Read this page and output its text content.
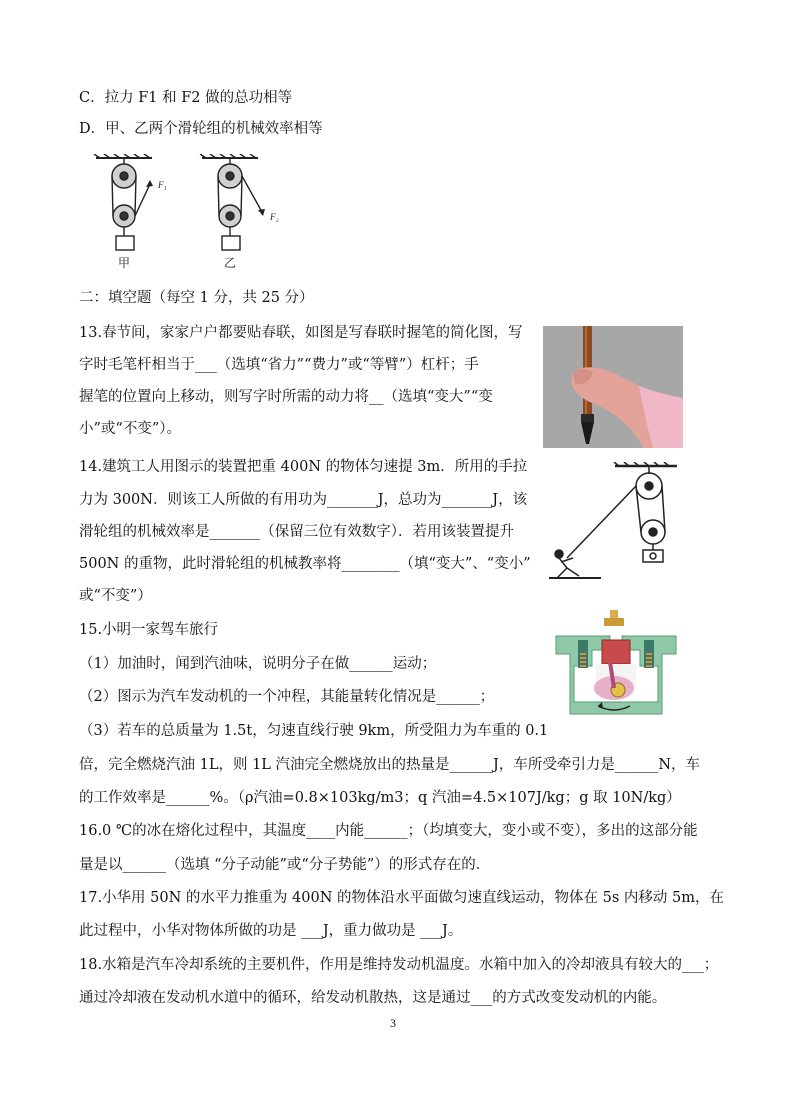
C．拉力 F1 和 F2 做的总功相等
D．甲、乙两个滑轮组的机械效率相等
F₁
甲
F₂
乙
二：填空题（每空 1 分，共 25 分）
13.春节间，家家户户都要贴春联，如图是写春联时握笔的简化图，写
字时毛笔杆相当于___（选填“省力”“费力”或“等臂”）杠杆；手
握笔的位置向上移动，则写字时所需的动力将__（选填“变大”“变
小”或“不变”）。
14.建筑工人用图示的装置把重 400N 的物体匀速提 3m．所用的手拉
力为 300N．则该工人所做的有用功为_______J，总功为_______J，该
滑轮组的机械效率是_______（保留三位有效数字）．若用该装置提升
500N 的重物，此时滑轮组的机械教率将________（填“变大”、“变小”
或“不变”）
15.小明一家驾车旅行
（1）加油时，闻到汽油味，说明分子在做______运动；
（2）图示为汽车发动机的一个冲程，其能量转化情况是______；
（3）若车的总质量为 1.5t，匀速直线行驶 9km，所受阻力为车重的 0.1
倍，完全燃烧汽油 1L，则 1L 汽油完全燃烧放出的热量是______J，车所受牵引力是______N，车
的工作效率是______%。（ρ汽油=0.8×103kg/m3；q 汽油=4.5×107J/kg；g 取 10N/kg）
16.0 ℃的冰在熔化过程中，其温度____内能______；（均填变大，变小或不变），多出的这部分能
量是以______（选填 “分子动能”或“分子势能”）的形式存在的．
17.小华用 50N 的水平力推重为 400N 的物体沿水平面做匀速直线运动，物体在 5s 内移动 5m，在
此过程中，小华对物体所做的功是 ___J，重力做功是 ___J。
18.水箱是汽车冷却系统的主要机件，作用是维持发动机温度。水箱中加入的冷却液具有较大的___；
通过冷却液在发动机水道中的循环，给发动机散热，这是通过___的方式改变发动机的内能。
3
